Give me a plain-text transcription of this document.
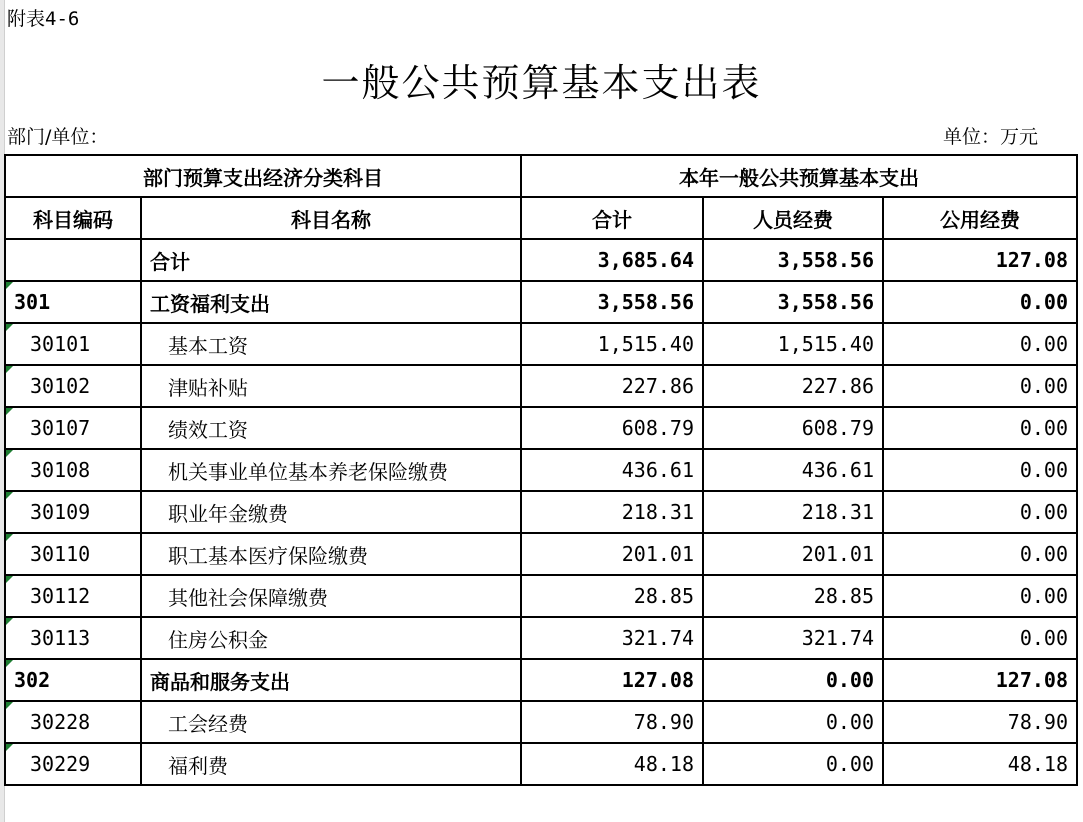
附表4-6
一般公共预算基本支出表
部门/单位：	单位：万元
部门预算支出经济分类科目		本年一般公共预算基本支出		
科目编码	科目名称	合计	人员经费	公用经费
	合计	3,685.64	3,558.56	127.08
301	工资福利支出	3,558.56	3,558.56	0.00
30101	基本工资	1,515.40	1,515.40	0.00
30102	津贴补贴	227.86	227.86	0.00
30107	绩效工资	608.79	608.79	0.00
30108	机关事业单位基本养老保险缴费	436.61	436.61	0.00
30109	职业年金缴费	218.31	218.31	0.00
30110	职工基本医疗保险缴费	201.01	201.01	0.00
30112	其他社会保障缴费	28.85	28.85	0.00
30113	住房公积金	321.74	321.74	0.00
302	商品和服务支出	127.08	0.00	127.08
30228	工会经费	78.90	0.00	78.90
30229	福利费	48.18	0.00	48.18
